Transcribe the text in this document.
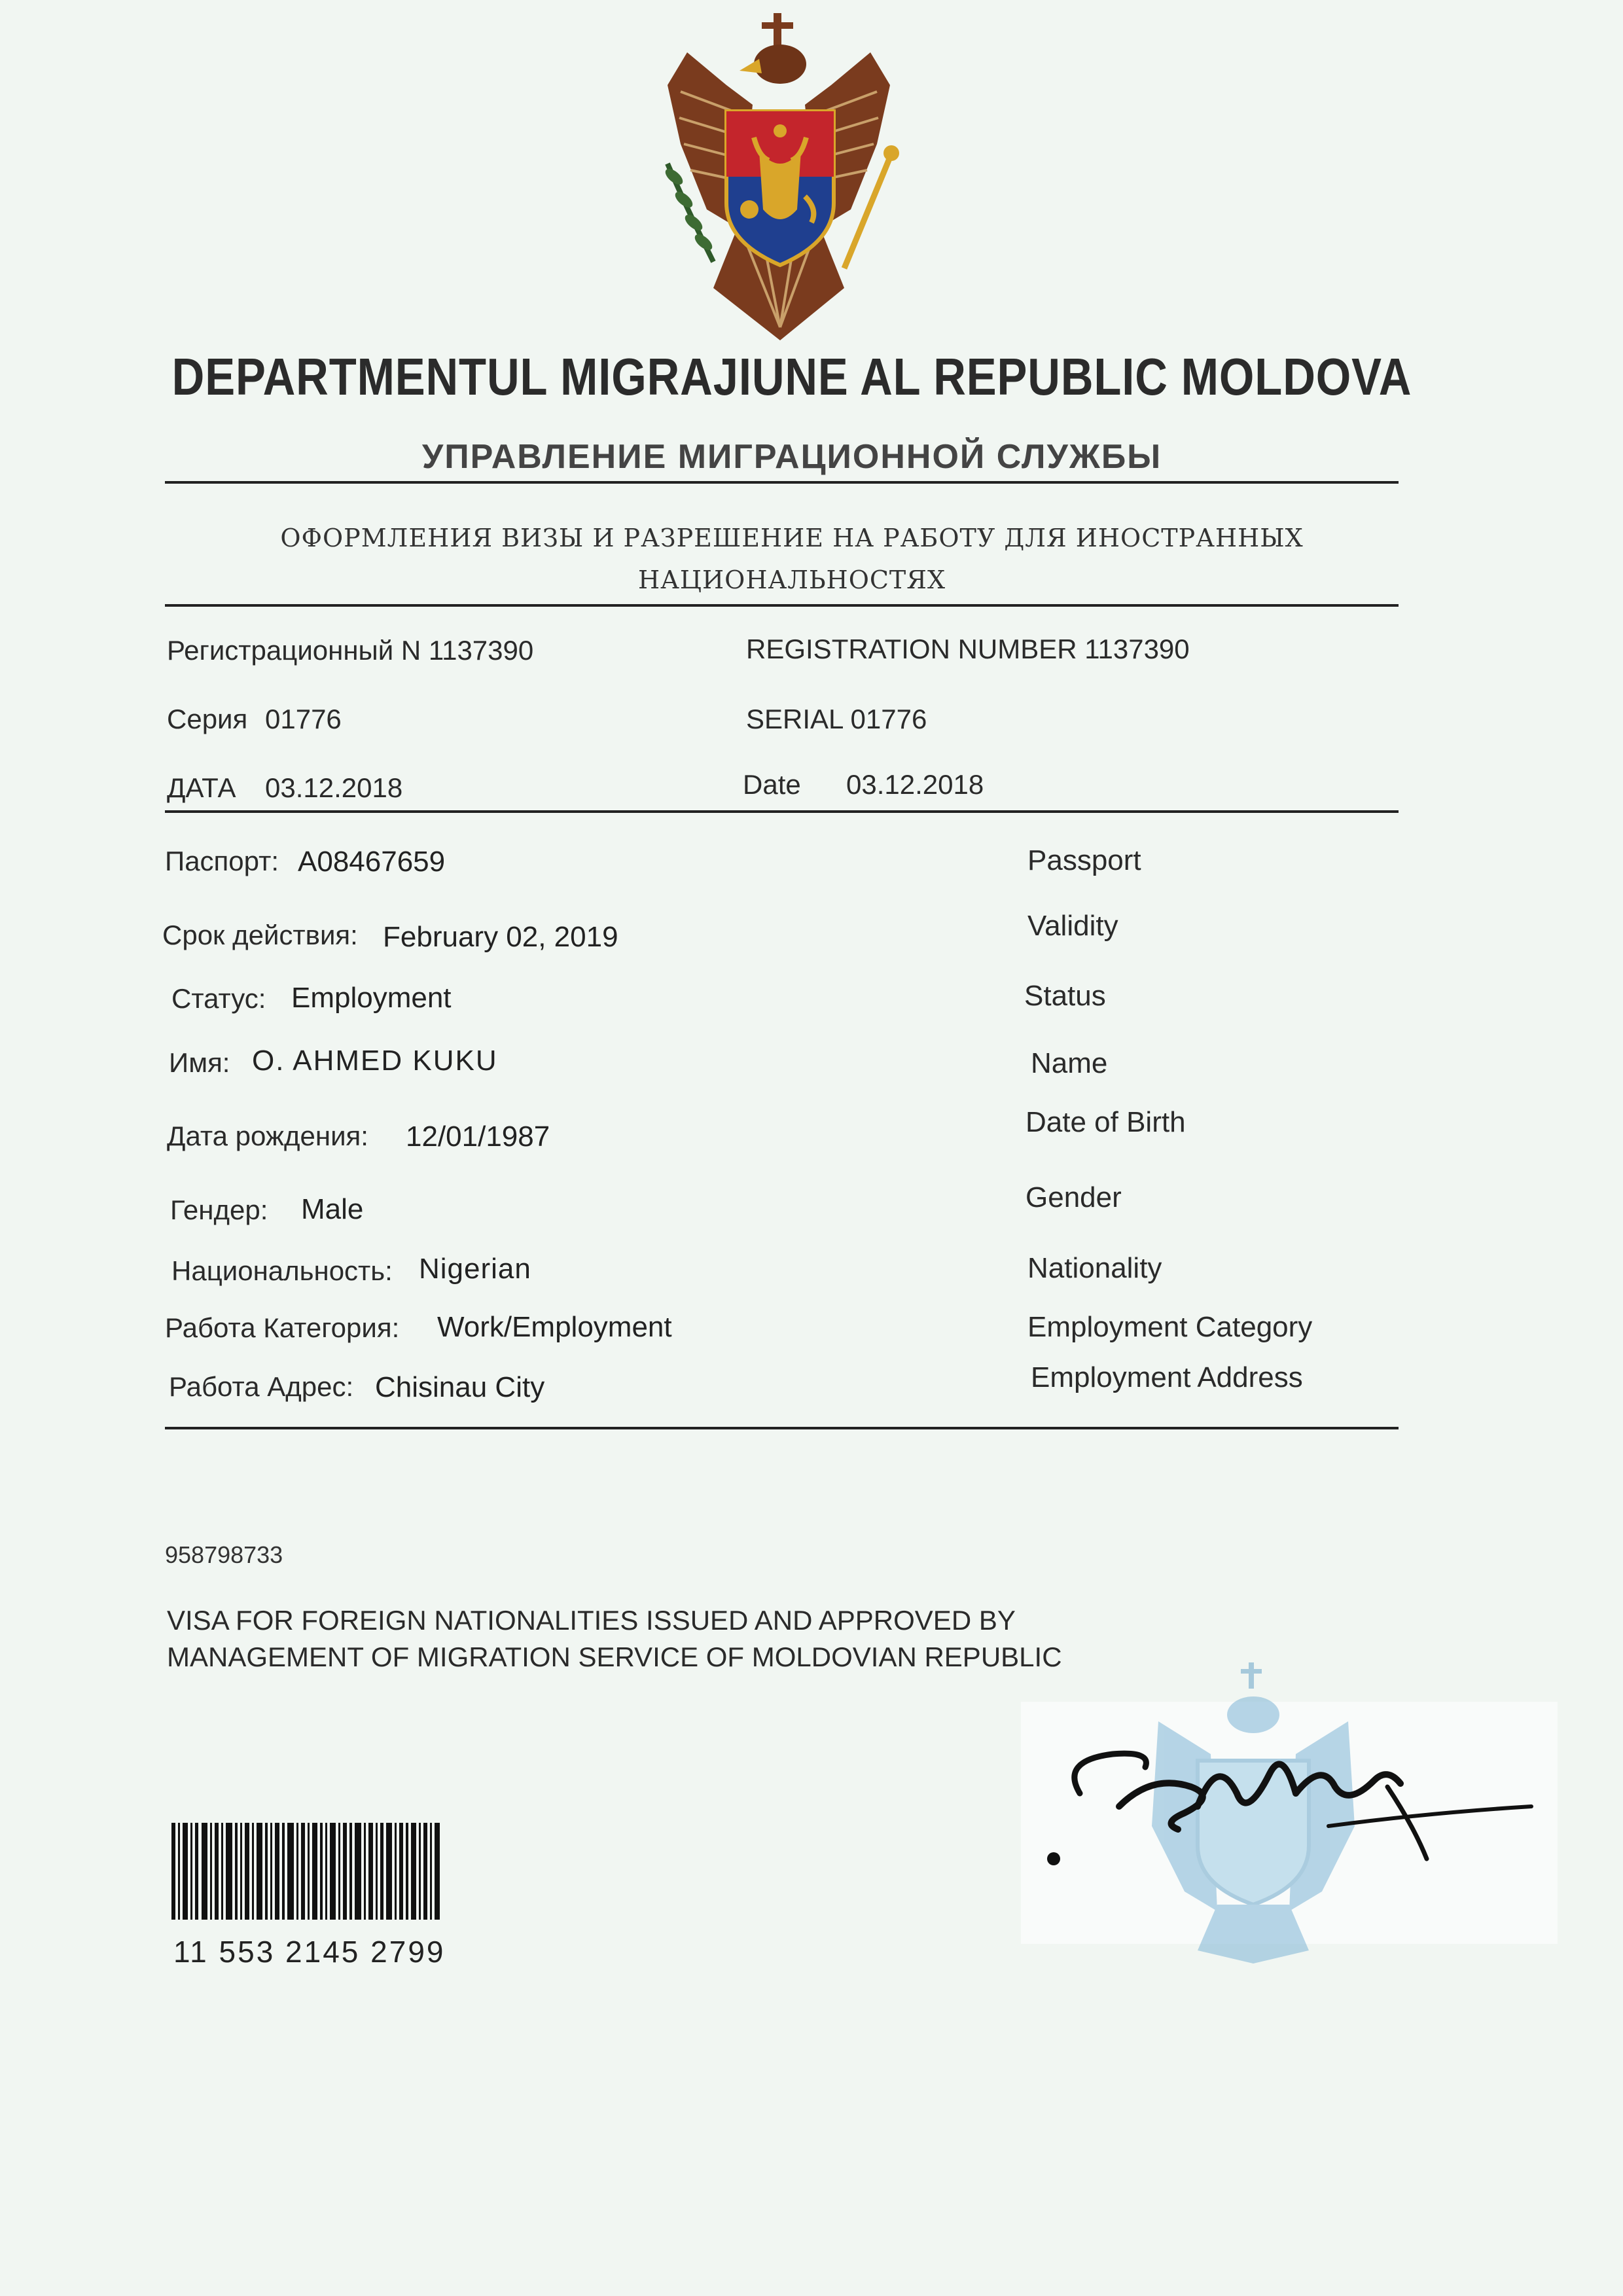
DEPARTMENTUL MIGRAJIUNE AL REPUBLIC MOLDOVA
УПРАВЛЕНИЕ МИГРАЦИОННОЙ СЛУЖБЫ
ОФОРМЛЕНИЯ ВИЗЫ И РАЗРЕШЕНИЕ НА РАБОТУ ДЛЯ ИНОСТРАННЫХ
НАЦИОНАЛЬНОСТЯХ
Регистрационный N 1137390	REGISTRATION NUMBER 1137390
Серия 01776	SERIAL 01776
ДАТА 03.12.2018	Date 03.12.2018
Паспорт: A08467659	Passport
Срок действия: February 02, 2019	Validity
Статус: Employment	Status
Имя: O. AHMED KUKU	Name
Дата рождения: 12/01/1987	Date of Birth
Гендер: Male	Gender
Национальность: Nigerian	Nationality
Работа Категория: Work/Employment	Employment Category
Работа Адрес: Chisinau City	Employment Address
958798733
VISA FOR FOREIGN NATIONALITIES ISSUED AND APPROVED BY MANAGEMENT OF MIGRATION SERVICE OF MOLDOVIAN REPUBLIC
11 553 2145 2799
